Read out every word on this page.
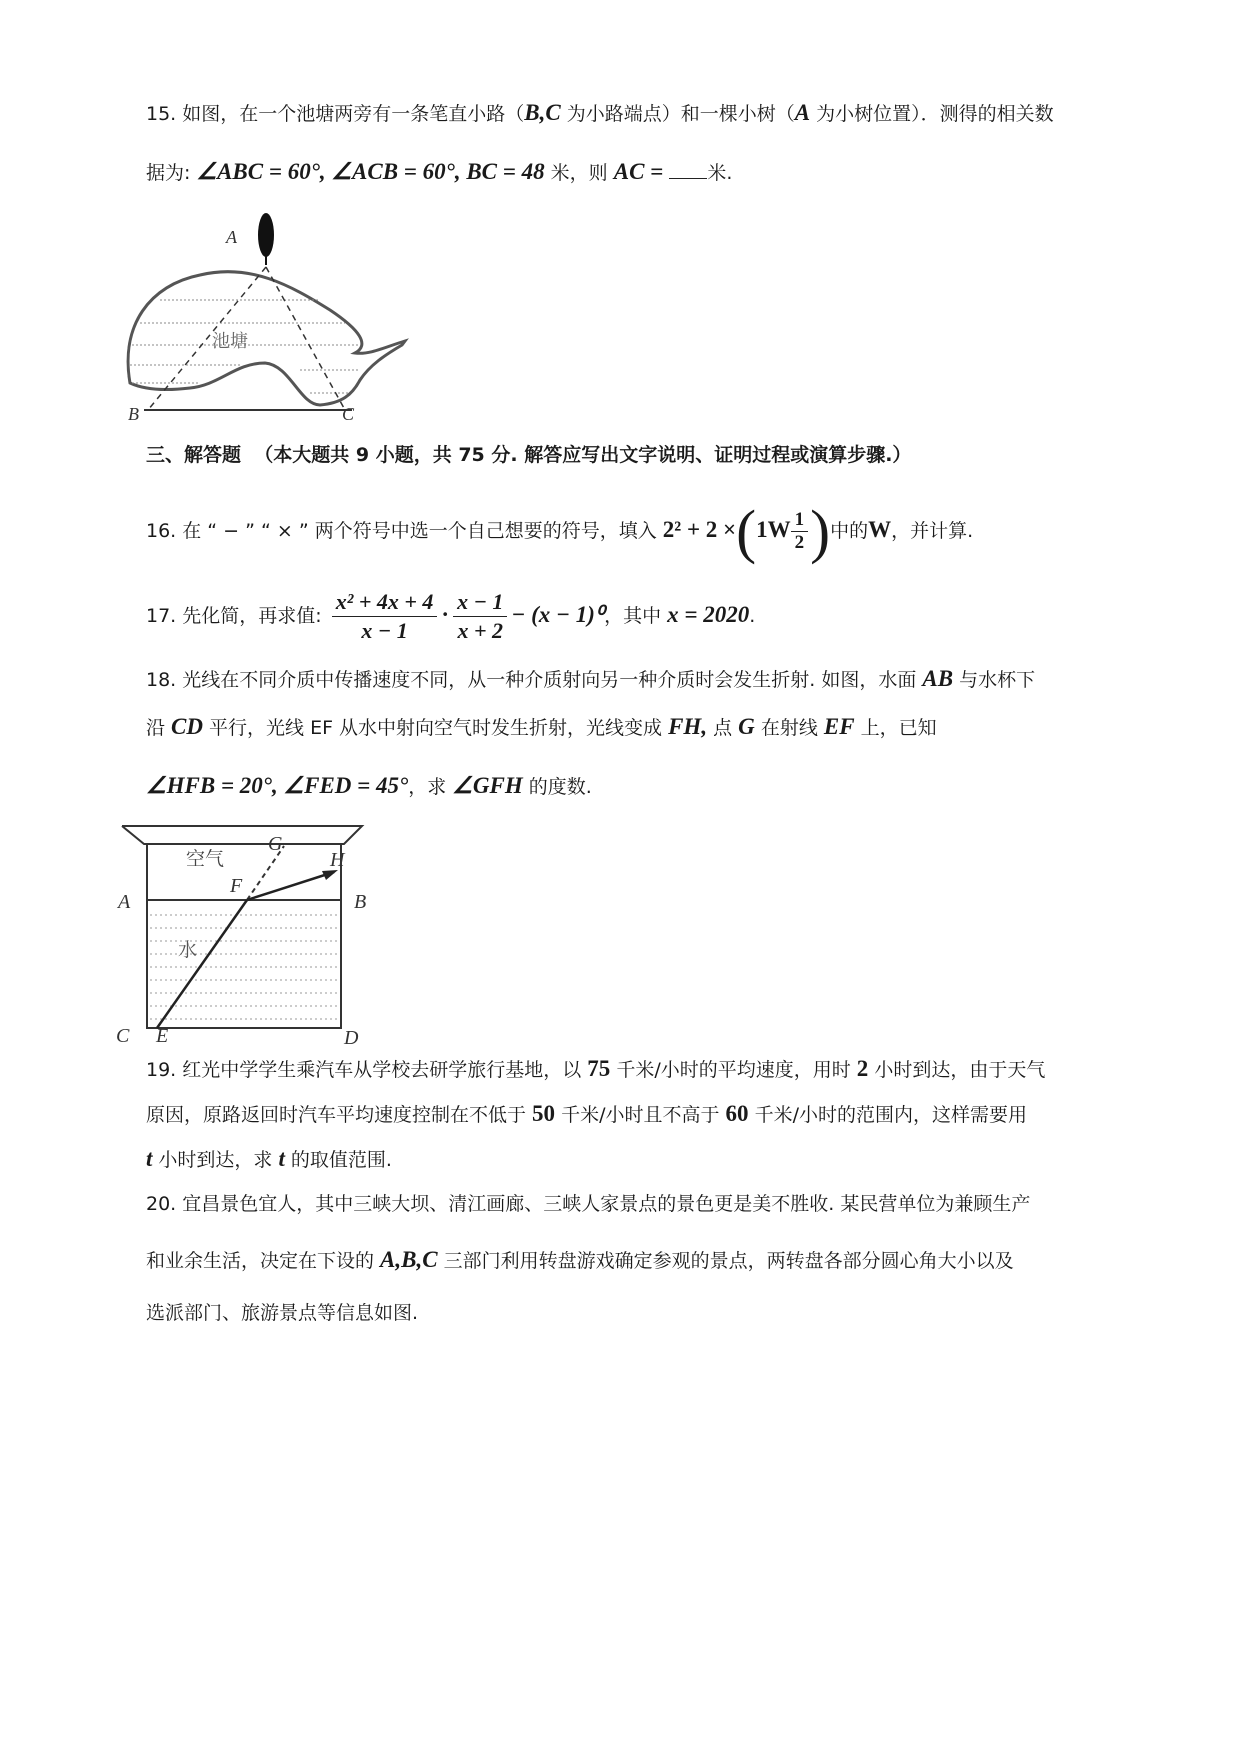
15. 如图，在一个池塘两旁有一条笔直小路（B,C 为小路端点）和一棵小树（A 为小树位置）．测得的相关数
据为: ∠ABC = 60°, ∠ACB = 60°, BC = 48 米，则 AC = 米.
A
B	C
池塘
三、解答题 （本大题共 9 小题，共 75 分. 解答应写出文字说明、证明过程或演算步骤.）
16. 在 “ − ” “ × ” 两个符号中选一个自己想要的符号，填入 $2^2 + 2 \times(1W \frac{1}{2}$ )中的W，并计算.
17. 先化简，再求值: $\frac{\text{x² + 4x + 4}}{x - 1} \cdot \frac{x - 1}{x + 2} - (x - 1)^0$，其中 x = 2020.
18. 光线在不同介质中传播速度不同，从一种介质射向另一种介质时会发生折射. 如图，水面 AB 与水杯下
沿 CD 平行，光线 EF 从水中射向空气时发生折射，光线变成 FH, 点 G 在射线 EF 上，已知
∠HFB = 20°, ∠FED = 45°，求 ∠GFH 的度数.
空气
水
A	B
C	D
E
F
G
H
19. 红光中学学生乘汽车从学校去研学旅行基地，以 75 千米/小时的平均速度，用时 2 小时到达，由于天气
原因，原路返回时汽车平均速度控制在不低于 50 千米/小时且不高于 60 千米/小时的范围内，这样需要用
t 小时到达，求 t 的取值范围.
20. 宜昌景色宜人，其中三峡大坝、清江画廊、三峡人家景点的景色更是美不胜收. 某民营单位为兼顾生产
和业余生活，决定在下设的 A,B,C 三部门利用转盘游戏确定参观的景点，两转盘各部分圆心角大小以及
选派部门、旅游景点等信息如图.
